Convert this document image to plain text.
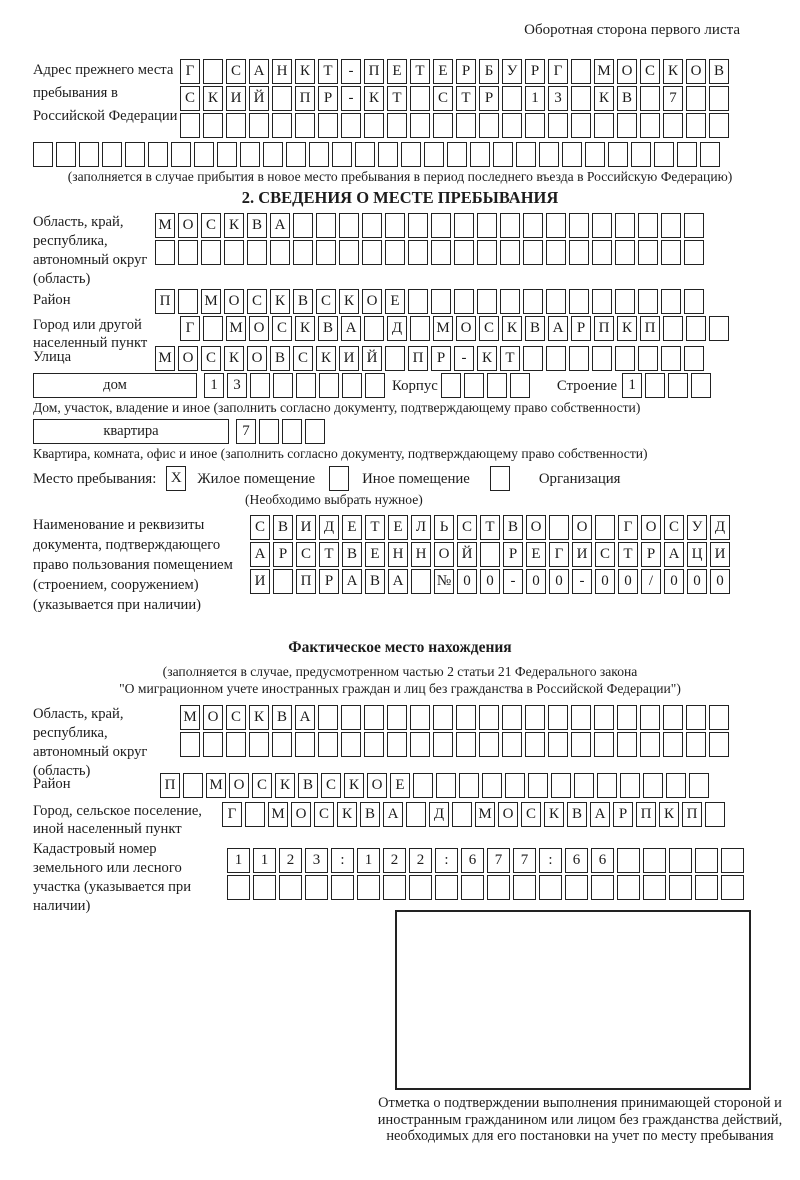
Оборотная сторона первого листа
Адрес прежнего места пребывания в Российской Федерации
Г	С А Н К Т	-	П Е Т Е Р Б У Р Г	М О С К О В
С К И Й	П Р	-	К Т	С Т Р	1	3	К В	7
(заполняется в случае прибытия в новое место пребывания в период последнего въезда в Российскую Федерацию)
2. СВЕДЕНИЯ О МЕСТЕ ПРЕБЫВАНИЯ
Область, край, республика, автономный округ (область)
М О С К В А
Район	П	М О С К В С К О Е
Город или другой населенный пункт
Г	М О С К В А	Д	М О С К В А Р П К П
Улица	М О С К О В С К И Й	П Р	-	К Т
дом	1	3	Корпус	Строение 1
Дом, участок, владение и иное (заполнить согласно документу, подтверждающему право собственности)
квартира	7
Квартира, комната, офис и иное (заполнить согласно документу, подтверждающему право собственности)
Место пребывания: X	Жилое помещение	Иное помещение	Организация
(Необходимо выбрать нужное)
Наименование и реквизиты документа, подтверждающего право пользования помещением (строением, сооружением) (указывается при наличии)
С В И Д Е Т Е Л Ь С Т В О	О	Г О С У Д
А Р С Т В Е Н Н О Й	Р Е Г И С Т Р А Ц И
И	П Р А В А	№ 0	0	-	0	0	-	0	0	/	0	0	0
Фактическое место нахождения
(заполняется в случае, предусмотренном частью 2 статьи 21 Федерального закона
"О миграционном учете иностранных граждан и лиц без гражданства в Российской Федерации")
Область, край, республика, автономный округ (область)
М О С К В А
Район	П	М О С К В С К О Е
Город, сельское поселение, иной населенный пункт
Г	М О С К В А	Д	М О С К В А Р П К П
Кадастровый номер земельного или лесного участка (указывается при наличии)
1	1	2	3	:	1	2	2	:	6	7	7	:	6	6
Отметка о подтверждении выполнения принимающей стороной и иностранным гражданином или лицом без гражданства действий, необходимых для его постановки на учет по месту пребывания
